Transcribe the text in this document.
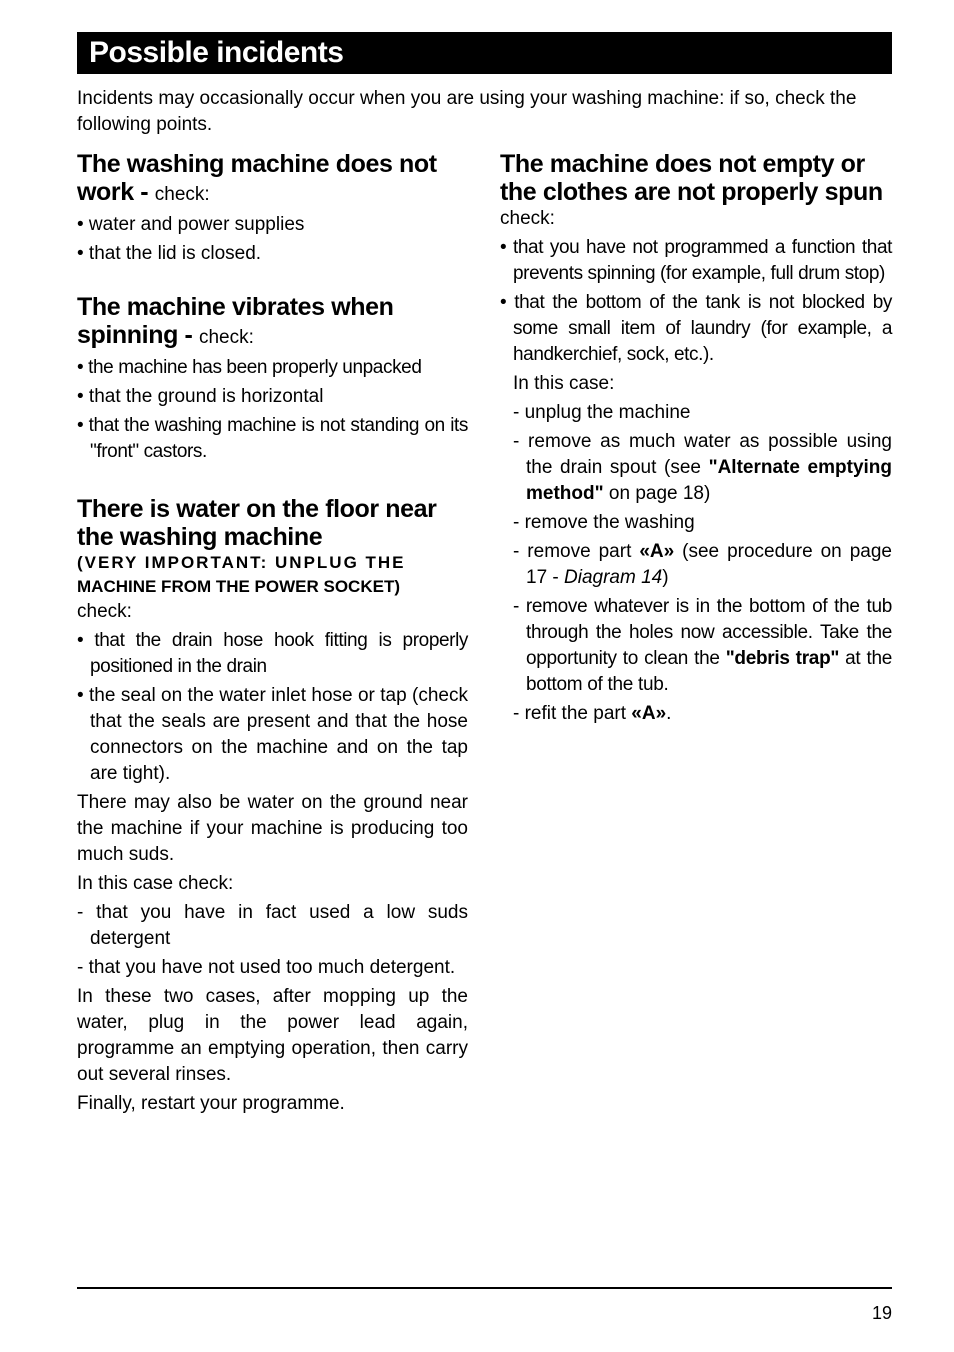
Possible incidents
Incidents may occasionally occur when you are using your washing machine: if so, check the following points.
The washing machine does not work - check:
• water and power supplies
• that the lid is closed.
The machine vibrates when spinning - check:
• the machine has been properly unpacked
• that the ground is horizontal
• that the washing machine is not standing on its "front" castors.
There is water on the floor near the washing machine
(VERY IMPORTANT: UNPLUG THE
MACHINE FROM THE POWER SOCKET)
check:
• that the drain hose hook fitting is properly positioned in the drain
• the seal on the water inlet hose or tap (check that the seals are present and that the hose connectors on the machine and on the tap are tight).
There may also be water on the ground near the machine if your machine is producing too much suds.
In this case check:
- that you have in fact used a low suds detergent
- that you have not used too much detergent.
In these two cases, after mopping up the water, plug in the power lead again, programme an emptying operation, then carry out several rinses.
Finally, restart your programme.
The machine does not empty or the clothes are not properly spun
check:
• that you have not programmed a function that prevents spinning (for example, full drum stop)
• that the bottom of the tank is not blocked by some small item of laundry (for example, a handkerchief, sock, etc.).
In this case:
- unplug the machine
- remove as much water as possible using the drain spout (see "Alternate emptying method" on page 18)
- remove the washing
- remove part «A» (see procedure on page 17 - Diagram 14)
- remove whatever is in the bottom of the tub through the holes now accessible. Take the opportunity to clean the "debris trap" at the bottom of the tub.
- refit the part «A».
19
